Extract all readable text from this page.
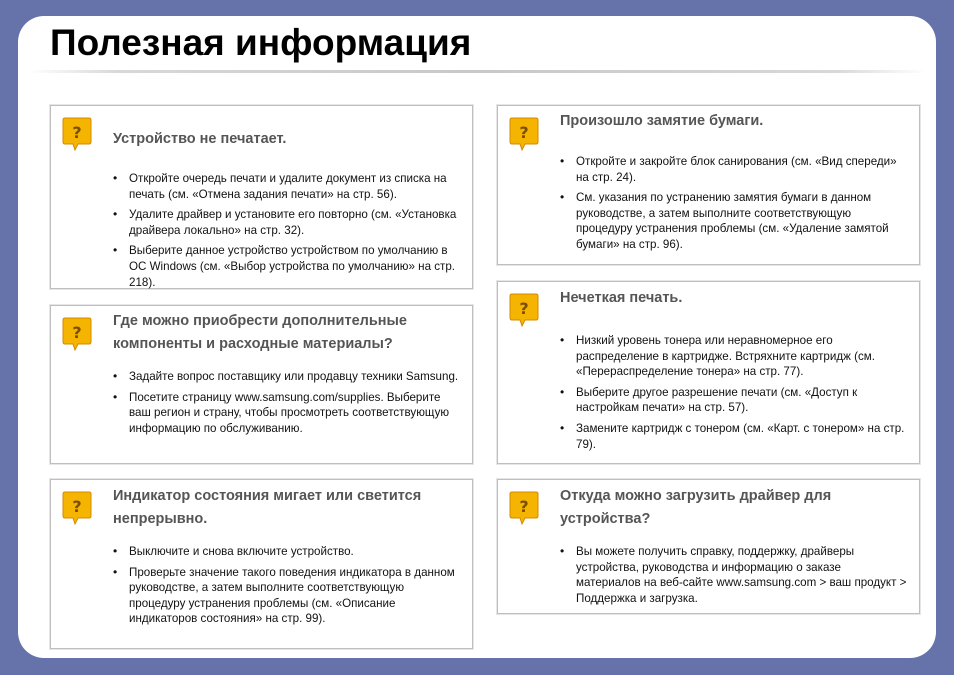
Полезная информация
? Устройство не печатает.
• Откройте очередь печати и удалите документ из списка на печать (см. «Отмена задания печати» на стр. 56).
• Удалите драйвер и установите его повторно (см. «Установка драйвера локально» на стр. 32).
• Выберите данное устройство устройством по умолчанию в ОС Windows (см. «Выбор устройства по умолчанию» на стр. 218).
?
Где можно приобрести дополнительные компоненты и расходные материалы?
• Задайте вопрос поставщику или продавцу техники Samsung.
• Посетите страницу www.samsung.com/supplies. Выберите ваш регион и страну, чтобы просмотреть соответствующую информацию по обслуживанию.
?
Индикатор состояния мигает или светится непрерывно.
• Выключите и снова включите устройство.
• Проверьте значение такого поведения индикатора в данном руководстве, а затем выполните соответствующую процедуру устранения проблемы (см. «Описание индикаторов состояния» на стр. 99).
?
Произошло замятие бумаги.
• Откройте и закройте блок санирования (см. «Вид спереди» на стр. 24).
• См. указания по устранению замятия бумаги в данном руководстве, а затем выполните соответствующую процедуру устранения проблемы (см. «Удаление замятой бумаги» на стр. 96).
?
Нечеткая печать.
• Низкий уровень тонера или неравномерное его распределение в картридже. Встряхните картридж (см. «Перераспределение тонера» на стр. 77).
• Выберите другое разрешение печати (см. «Доступ к настройкам печати» на стр. 57).
• Замените картридж с тонером (см. «Карт. с тонером» на стр. 79).
?
Откуда можно загрузить драйвер для устройства?
• Вы можете получить справку, поддержку, драйверы устройства, руководства и информацию о заказе материалов на веб-сайте www.samsung.com > ваш продукт > Поддержка и загрузка.
